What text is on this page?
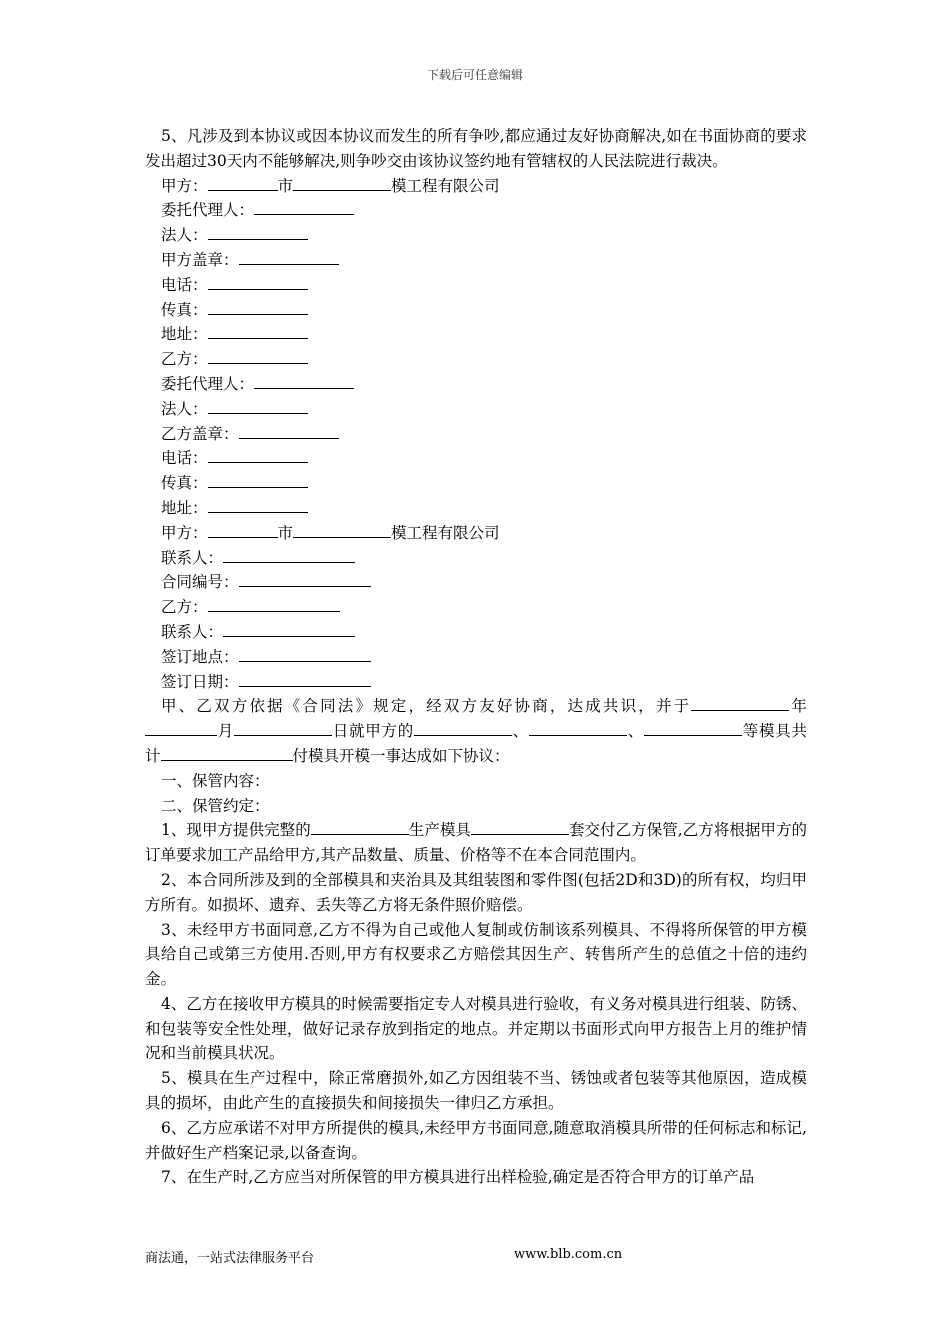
下载后可任意编辑

5、凡涉及到本协议或因本协议而发生的所有争吵,都应通过友好协商解决,如在书面协商的要求发出超过30天内不能够解决,则争吵交由该协议签约地有管辖权的人民法院进行裁决。

甲方：	市	模工程有限公司

委托代理人：

法人：

甲方盖章：

电话：

传真：

地址：

乙方：

委托代理人：

法人：

乙方盖章：

电话：

传真：

地址：

甲方：	市	模工程有限公司

联系人：

合同编号：

乙方：

联系人：

签订地点：

签订日期：

甲、乙双方依据《合同法》规定，经双方友好协商，达成共识，并于	年月	日就甲方的	、	、	等模具共计	付模具开模一事达成如下协议：

一、保管内容：

二、保管约定：

1、现甲方提供完整的	生产模具	套交付乙方保管,乙方将根据甲方的订单要求加工产品给甲方,其产品数量、质量、价格等不在本合同范围内。

2、本合同所涉及到的全部模具和夹治具及其组装图和零件图(包括2D和3D)的所有权，均归甲方所有。如损坏、遗弃、丢失等乙方将无条件照价赔偿。

3、未经甲方书面同意,乙方不得为自己或他人复制或仿制该系列模具、不得将所保管的甲方模具给自己或第三方使用.否则,甲方有权要求乙方赔偿其因生产、转售所产生的总值之十倍的违约金。

4、乙方在接收甲方模具的时候需要指定专人对模具进行验收，有义务对模具进行组装、防锈、和包装等安全性处理，做好记录存放到指定的地点。并定期以书面形式向甲方报告上月的维护情况和当前模具状况。

5、模具在生产过程中，除正常磨损外,如乙方因组装不当、锈蚀或者包装等其他原因，造成模具的损坏，由此产生的直接损失和间接损失一律归乙方承担。

6、乙方应承诺不对甲方所提供的模具,未经甲方书面同意,随意取消模具所带的任何标志和标记,并做好生产档案记录,以备查询。

7、在生产时,乙方应当对所保管的甲方模具进行出样检验,确定是否符合甲方的订单产品

商法通，一站式法律服务平台	www.blb.com.cn
